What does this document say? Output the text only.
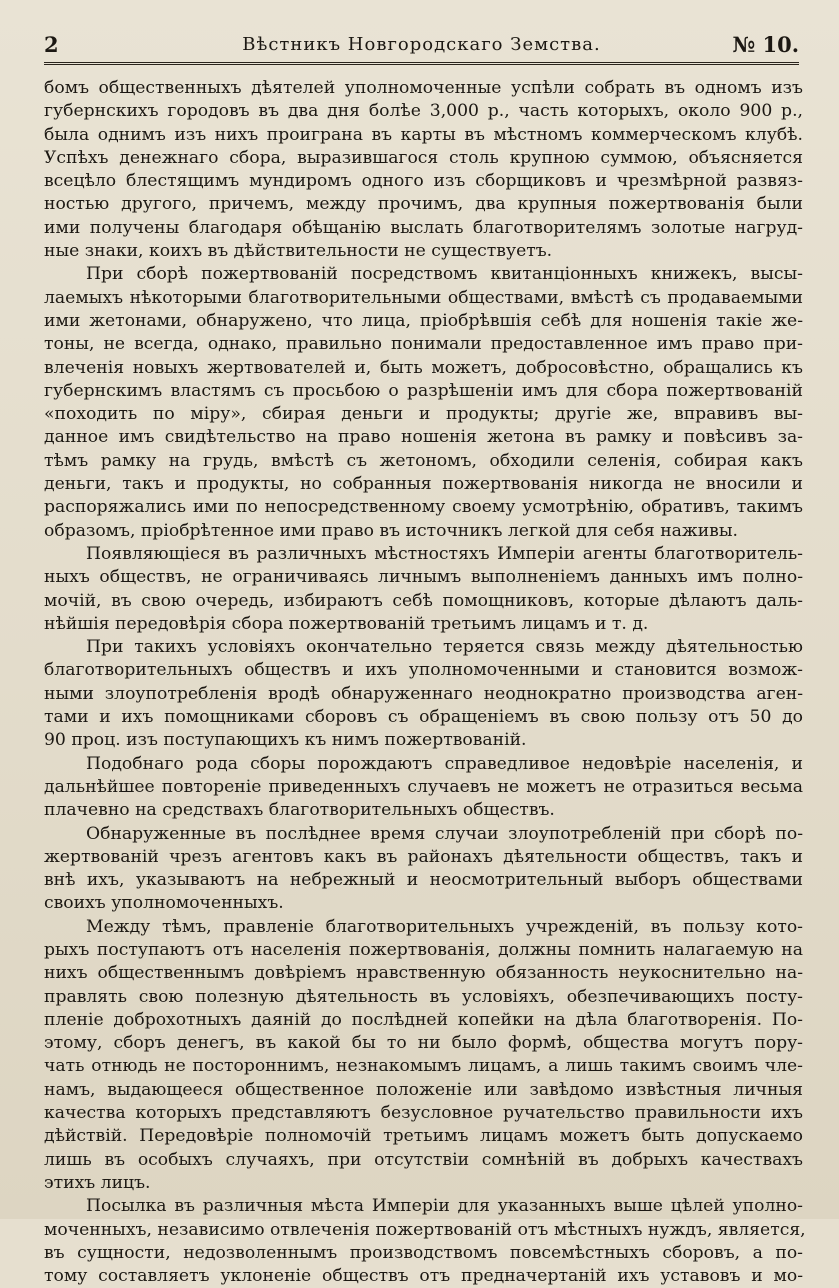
2	Вѣстникъ Новгородскаго Земства.	№ 10.
бомъ общественныхъ дѣятелей уполномоченные успѣли собрать въ одномъ изъ
губернскихъ городовъ въ два дня болѣе 3,000 р., часть которыхъ, около 900 р.,
была однимъ изъ нихъ проиграна въ карты въ мѣстномъ коммерческомъ клубѣ.
Успѣхъ денежнаго сбора, выразившагося столь крупною суммою, объясняется
всецѣло блестящимъ мундиромъ одного изъ сборщиковъ и чрезмѣрной развяз-
ностью другого, причемъ, между прочимъ, два крупныя пожертвованія были
ими получены благодаря обѣщанію выслать благотворителямъ золотые нагруд-
ные знаки, коихъ въ дѣйствительности не существуетъ.
При сборѣ пожертвованій посредствомъ квитанціонныхъ книжекъ, высы-
лаемыхъ нѣкоторыми благотворительными обществами, вмѣстѣ съ продаваемыми
ими жетонами, обнаружено, что лица, пріобрѣвшія себѣ для ношенія такіе же-
тоны, не всегда, однако, правильно понимали предоставленное имъ право при-
влеченія новыхъ жертвователей и, быть можетъ, добросовѣстно, обращались къ
губернскимъ властямъ съ просьбою о разрѣшеніи имъ для сбора пожертвованій
«походить по міру», сбирая деньги и продукты; другіе же, вправивъ вы-
данное имъ свидѣтельство на право ношенія жетона въ рамку и повѣсивъ за-
тѣмъ рамку на грудь, вмѣстѣ съ жетономъ, обходили селенія, собирая какъ
деньги, такъ и продукты, но собранныя пожертвованія никогда не вносили и
распоряжались ими по непосредственному своему усмотрѣнію, обративъ, такимъ
образомъ, пріобрѣтенное ими право въ источникъ легкой для себя наживы.
Появляющіеся въ различныхъ мѣстностяхъ Имперіи агенты благотворитель-
ныхъ обществъ, не ограничиваясь личнымъ выполненіемъ данныхъ имъ полно-
мочій, въ свою очередь, избираютъ себѣ помощниковъ, которые дѣлаютъ даль-
нѣйшія передовѣрія сбора пожертвованій третьимъ лицамъ и т. д.
При такихъ условіяхъ окончательно теряется связь между дѣятельностью
благотворительныхъ обществъ и ихъ уполномоченными и становится возмож-
ными злоупотребленія вродѣ обнаруженнаго неоднократно производства аген-
тами и ихъ помощниками сборовъ съ обращеніемъ въ свою пользу отъ 50 до
90 проц. изъ поступающихъ къ нимъ пожертвованій.
Подобнаго рода сборы порождаютъ справедливое недовѣріе населенія, и
дальнѣйшее повтореніе приведенныхъ случаевъ не можетъ не отразиться весьма
плачевно на средствахъ благотворительныхъ обществъ.
Обнаруженные въ послѣднее время случаи злоупотребленій при сборѣ по-
жертвованій чрезъ агентовъ какъ въ районахъ дѣятельности обществъ, такъ и
внѣ ихъ, указываютъ на небрежный и неосмотрительный выборъ обществами
своихъ уполномоченныхъ.
Между тѣмъ, правленіе благотворительныхъ учрежденій, въ пользу кото-
рыхъ поступаютъ отъ населенія пожертвованія, должны помнить налагаемую на
нихъ общественнымъ довѣріемъ нравственную обязанность неукоснительно на-
правлять свою полезную дѣятельность въ условіяхъ, обезпечивающихъ посту-
пленіе доброхотныхъ даяній до послѣдней копейки на дѣла благотворенія. По-
этому, сборъ денегъ, въ какой бы то ни было формѣ, общества могутъ пору-
чать отнюдь не постороннимъ, незнакомымъ лицамъ, а лишь такимъ своимъ чле-
намъ, выдающееся общественное положеніе или завѣдомо извѣстныя личныя
качества которыхъ представляютъ безусловное ручательство правильности ихъ
дѣйствій. Передовѣріе полномочій третьимъ лицамъ можетъ быть допускаемо
лишь въ особыхъ случаяхъ, при отсутствіи сомнѣній въ добрыхъ качествахъ
этихъ лицъ.
Посылка въ различныя мѣста Имперіи для указанныхъ выше цѣлей уполно-
моченныхъ, независимо отвлеченія пожертвованій отъ мѣстныхъ нуждъ, является,
въ сущности, недозволеннымъ производствомъ повсемѣстныхъ сборовъ, а по-
тому составляетъ уклоненіе обществъ отъ предначертаній ихъ уставовъ и мо-
